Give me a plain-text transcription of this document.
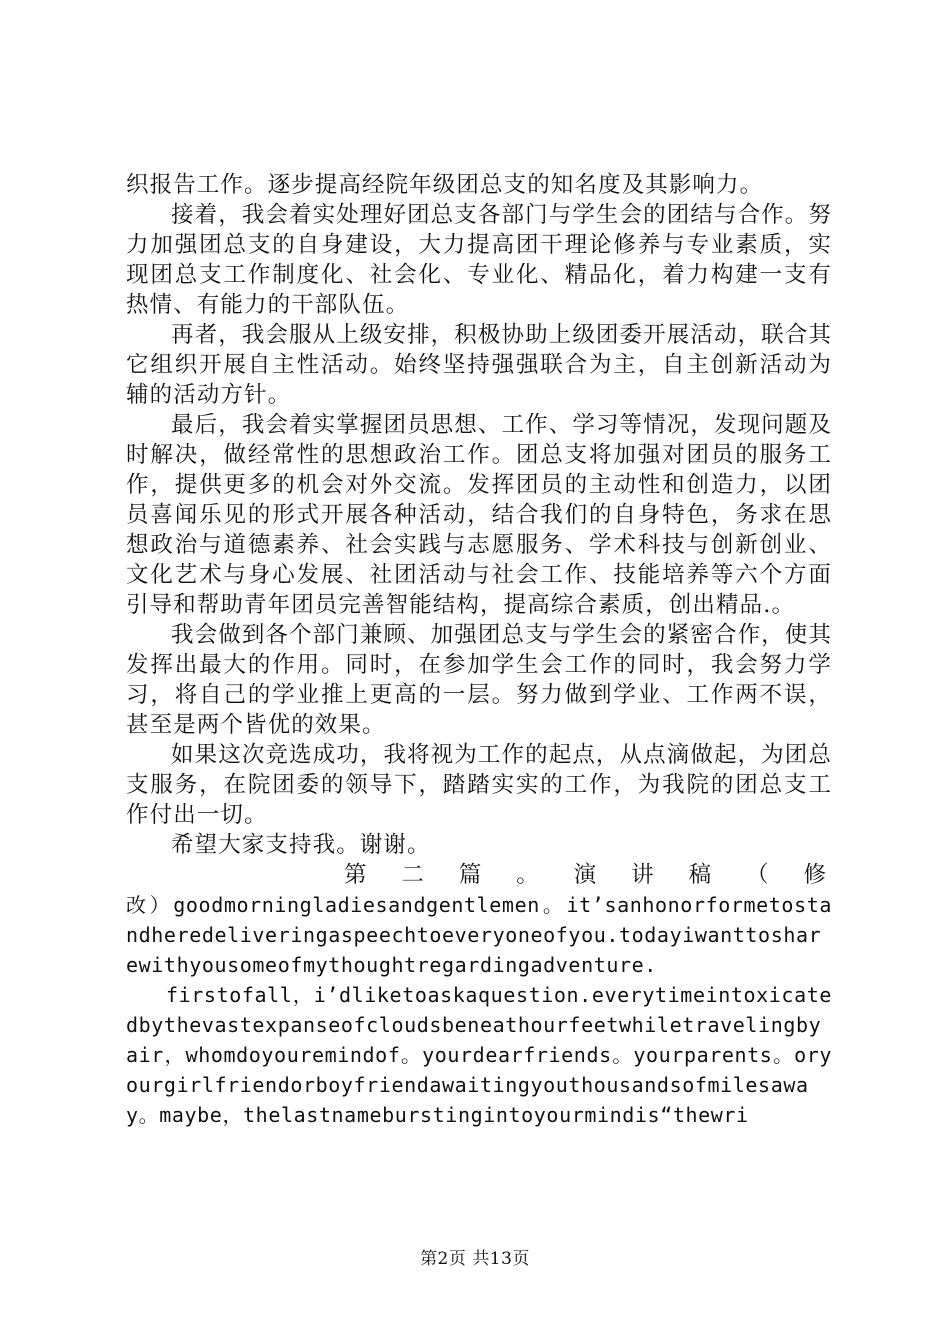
织报告工作。逐步提高经院年级团总支的知名度及其影响力。

接着，我会着实处理好团总支各部门与学生会的团结与合作。努力加强团总支的自身建设，大力提高团干理论修养与专业素质，实现团总支工作制度化、社会化、专业化、精品化，着力构建一支有热情、有能力的干部队伍。

再者，我会服从上级安排，积极协助上级团委开展活动，联合其它组织开展自主性活动。始终坚持强强联合为主，自主创新活动为辅的活动方针。

最后，我会着实掌握团员思想、工作、学习等情况，发现问题及时解决，做经常性的思想政治工作。团总支将加强对团员的服务工作，提供更多的机会对外交流。发挥团员的主动性和创造力，以团员喜闻乐见的形式开展各种活动，结合我们的自身特色，务求在思想政治与道德素养、社会实践与志愿服务、学术科技与创新创业、文化艺术与身心发展、社团活动与社会工作、技能培养等六个方面引导和帮助青年团员完善智能结构，提高综合素质，创出精品.。

我会做到各个部门兼顾、加强团总支与学生会的紧密合作，使其发挥出最大的作用。同时，在参加学生会工作的同时，我会努力学习，将自己的学业推上更高的一层。努力做到学业、工作两不误，甚至是两个皆优的效果。

如果这次竞选成功，我将视为工作的起点，从点滴做起，为团总支服务，在院团委的领导下，踏踏实实的工作，为我院的团总支工作付出一切。

希望大家支持我。谢谢。

第二篇。演讲稿（修

改）goodmorningladiesandgentlemen。it’sanhonorformetostandheredeliveringaspeechtoeveryoneofyou.todayiwanttosharewithyousomeofmythoughtregardingadventure.

firstofall，i’dliketoaskaquestion.everytimeintoxicatedbythevastexpanseofcloudsbeneathourfeetwhiletravelingbyair，whomdoyouremindof。yourdearfriends。yourparents。oryourgirlfriendorboyfriendawaitingyouthousandsofmilesaway。maybe，thelastnameburstingintoyourmindis“thewri

第2页 共13页
